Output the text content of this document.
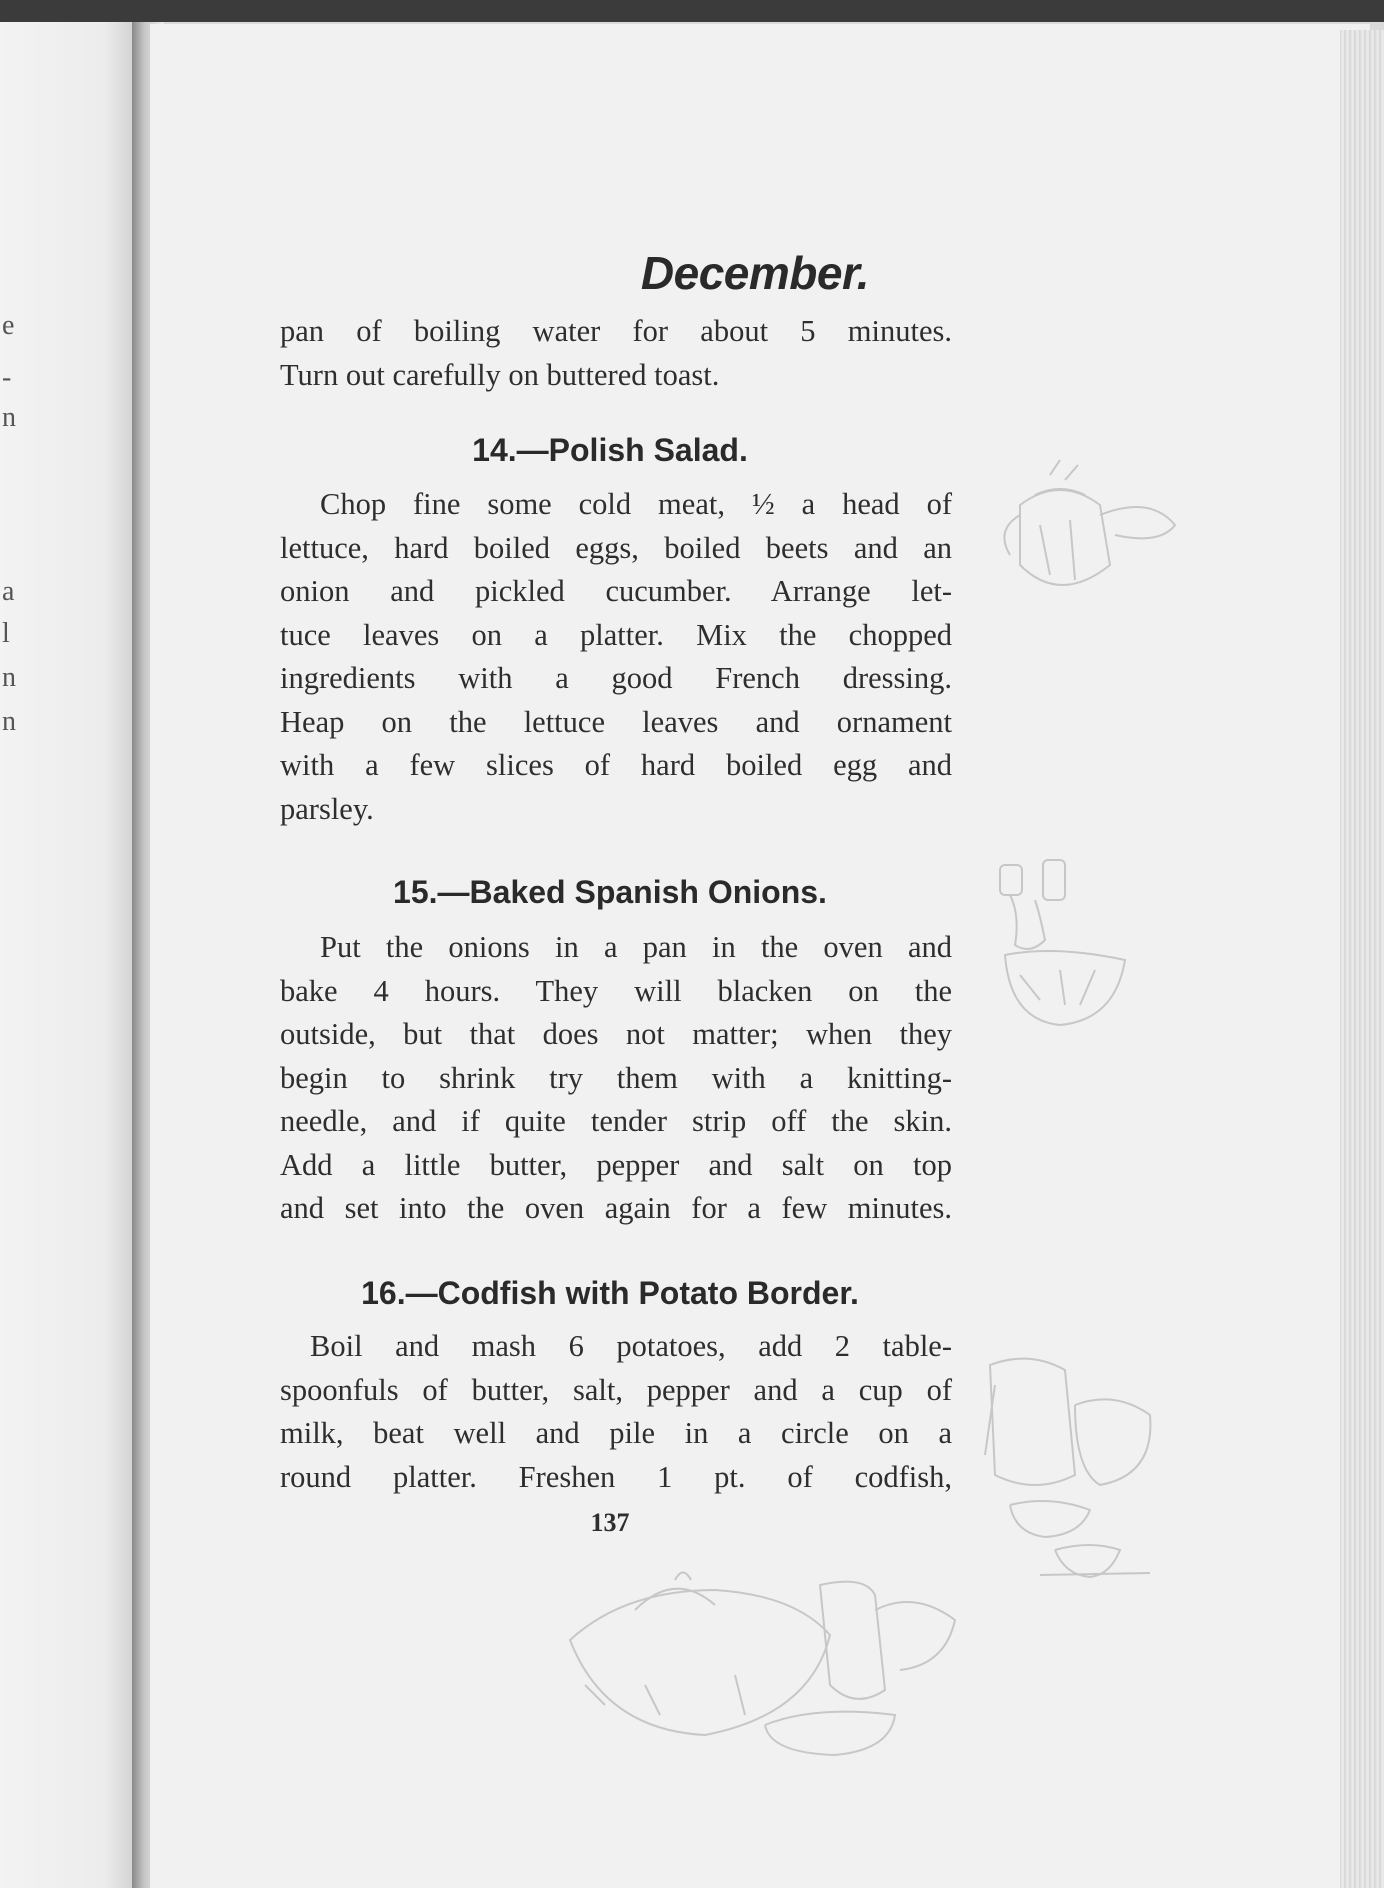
e
-
n
a
l
n
n
December.
pan of boiling water for about 5 minutes.
Turn out carefully on buttered toast.
14.—Polish Salad.
Chop fine some cold meat, ½ a head of
lettuce, hard boiled eggs, boiled beets and an
onion and pickled cucumber. Arrange let-
tuce leaves on a platter. Mix the chopped
ingredients with a good French dressing.
Heap on the lettuce leaves and ornament
with a few slices of hard boiled egg and
parsley.
15.—Baked Spanish Onions.
Put the onions in a pan in the oven and
bake 4 hours. They will blacken on the
outside, but that does not matter; when they
begin to shrink try them with a knitting-
needle, and if quite tender strip off the skin.
Add a little butter, pepper and salt on top
and set into the oven again for a few minutes.
16.—Codfish with Potato Border.
Boil and mash 6 potatoes, add 2 table-
spoonfuls of butter, salt, pepper and a cup of
milk, beat well and pile in a circle on a
round platter. Freshen 1 pt. of codfish,
137
